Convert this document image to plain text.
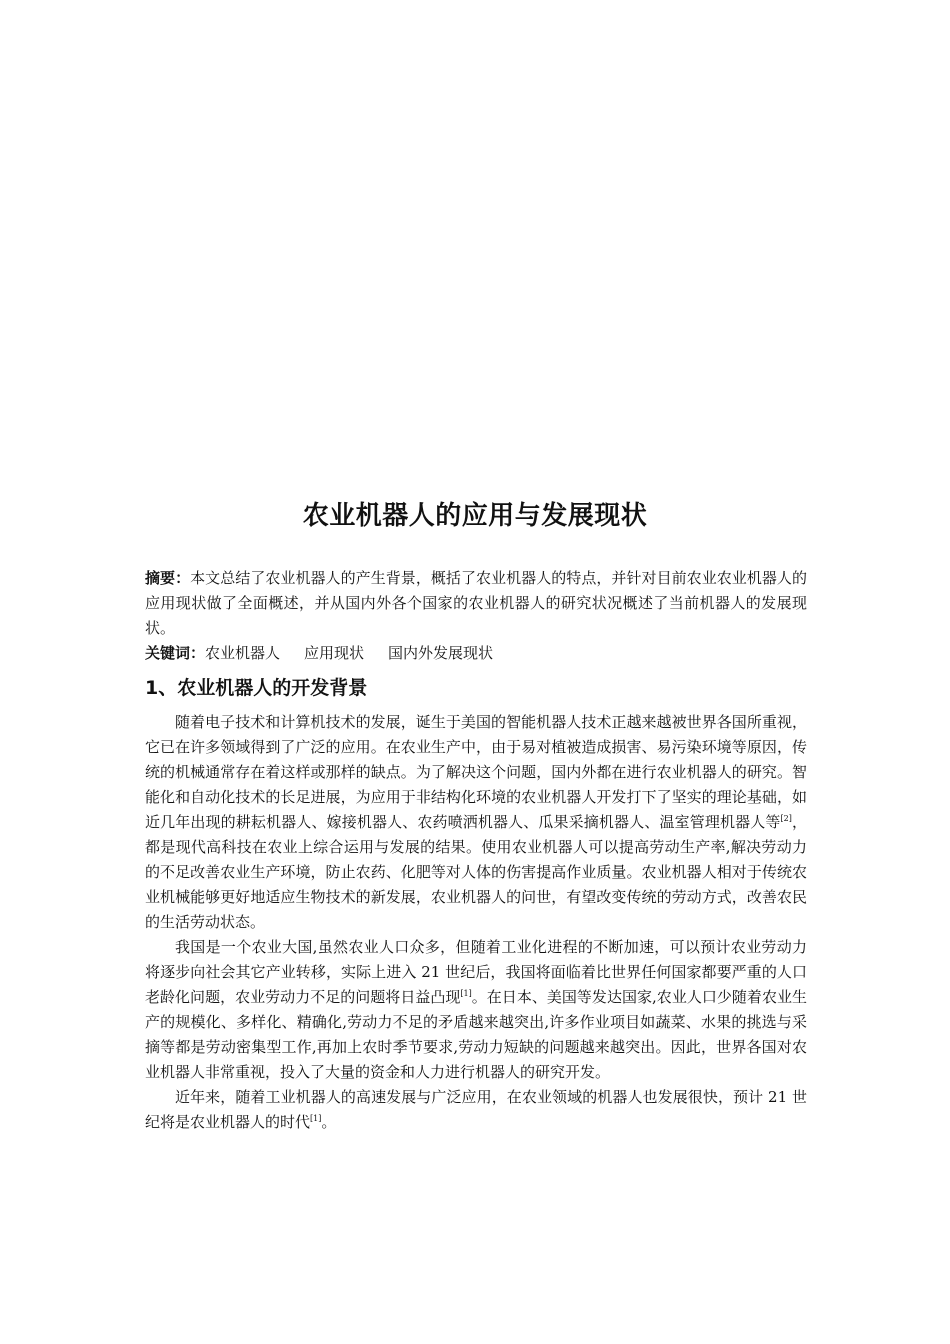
农业机器人的应用与发展现状

摘要：本文总结了农业机器人的产生背景，概括了农业机器人的特点，并针对目前农业农业机器人的应用现状做了全面概述，并从国内外各个国家的农业机器人的研究状况概述了当前机器人的发展现状。

关键词：农业机器人 应用现状 国内外发展现状

1、农业机器人的开发背景

随着电子技术和计算机技术的发展，诞生于美国的智能机器人技术正越来越被世界各国所重视，它已在许多领域得到了广泛的应用。在农业生产中，由于易对植被造成损害、易污染环境等原因，传统的机械通常存在着这样或那样的缺点。为了解决这个问题，国内外都在进行农业机器人的研究。智能化和自动化技术的长足进展，为应用于非结构化环境的农业机器人开发打下了坚实的理论基础，如近几年出现的耕耘机器人、嫁接机器人、农药喷洒机器人、瓜果采摘机器人、温室管理机器人等[2]，都是现代高科技在农业上综合运用与发展的结果。使用农业机器人可以提高劳动生产率,解决劳动力的不足改善农业生产环境，防止农药、化肥等对人体的伤害提高作业质量。农业机器人相对于传统农业机械能够更好地适应生物技术的新发展，农业机器人的问世，有望改变传统的劳动方式，改善农民的生活劳动状态。

我国是一个农业大国,虽然农业人口众多，但随着工业化进程的不断加速，可以预计农业劳动力将逐步向社会其它产业转移，实际上进入 21 世纪后，我国将面临着比世界任何国家都要严重的人口老龄化问题，农业劳动力不足的问题将日益凸现[1]。在日本、美国等发达国家,农业人口少随着农业生产的规模化、多样化、精确化,劳动力不足的矛盾越来越突出,许多作业项目如蔬菜、水果的挑选与采摘等都是劳动密集型工作,再加上农时季节要求,劳动力短缺的问题越来越突出。因此，世界各国对农业机器人非常重视，投入了大量的资金和人力进行机器人的研究开发。

近年来，随着工业机器人的高速发展与广泛应用，在农业领域的机器人也发展很快，预计 21 世纪将是农业机器人的时代[1]。
